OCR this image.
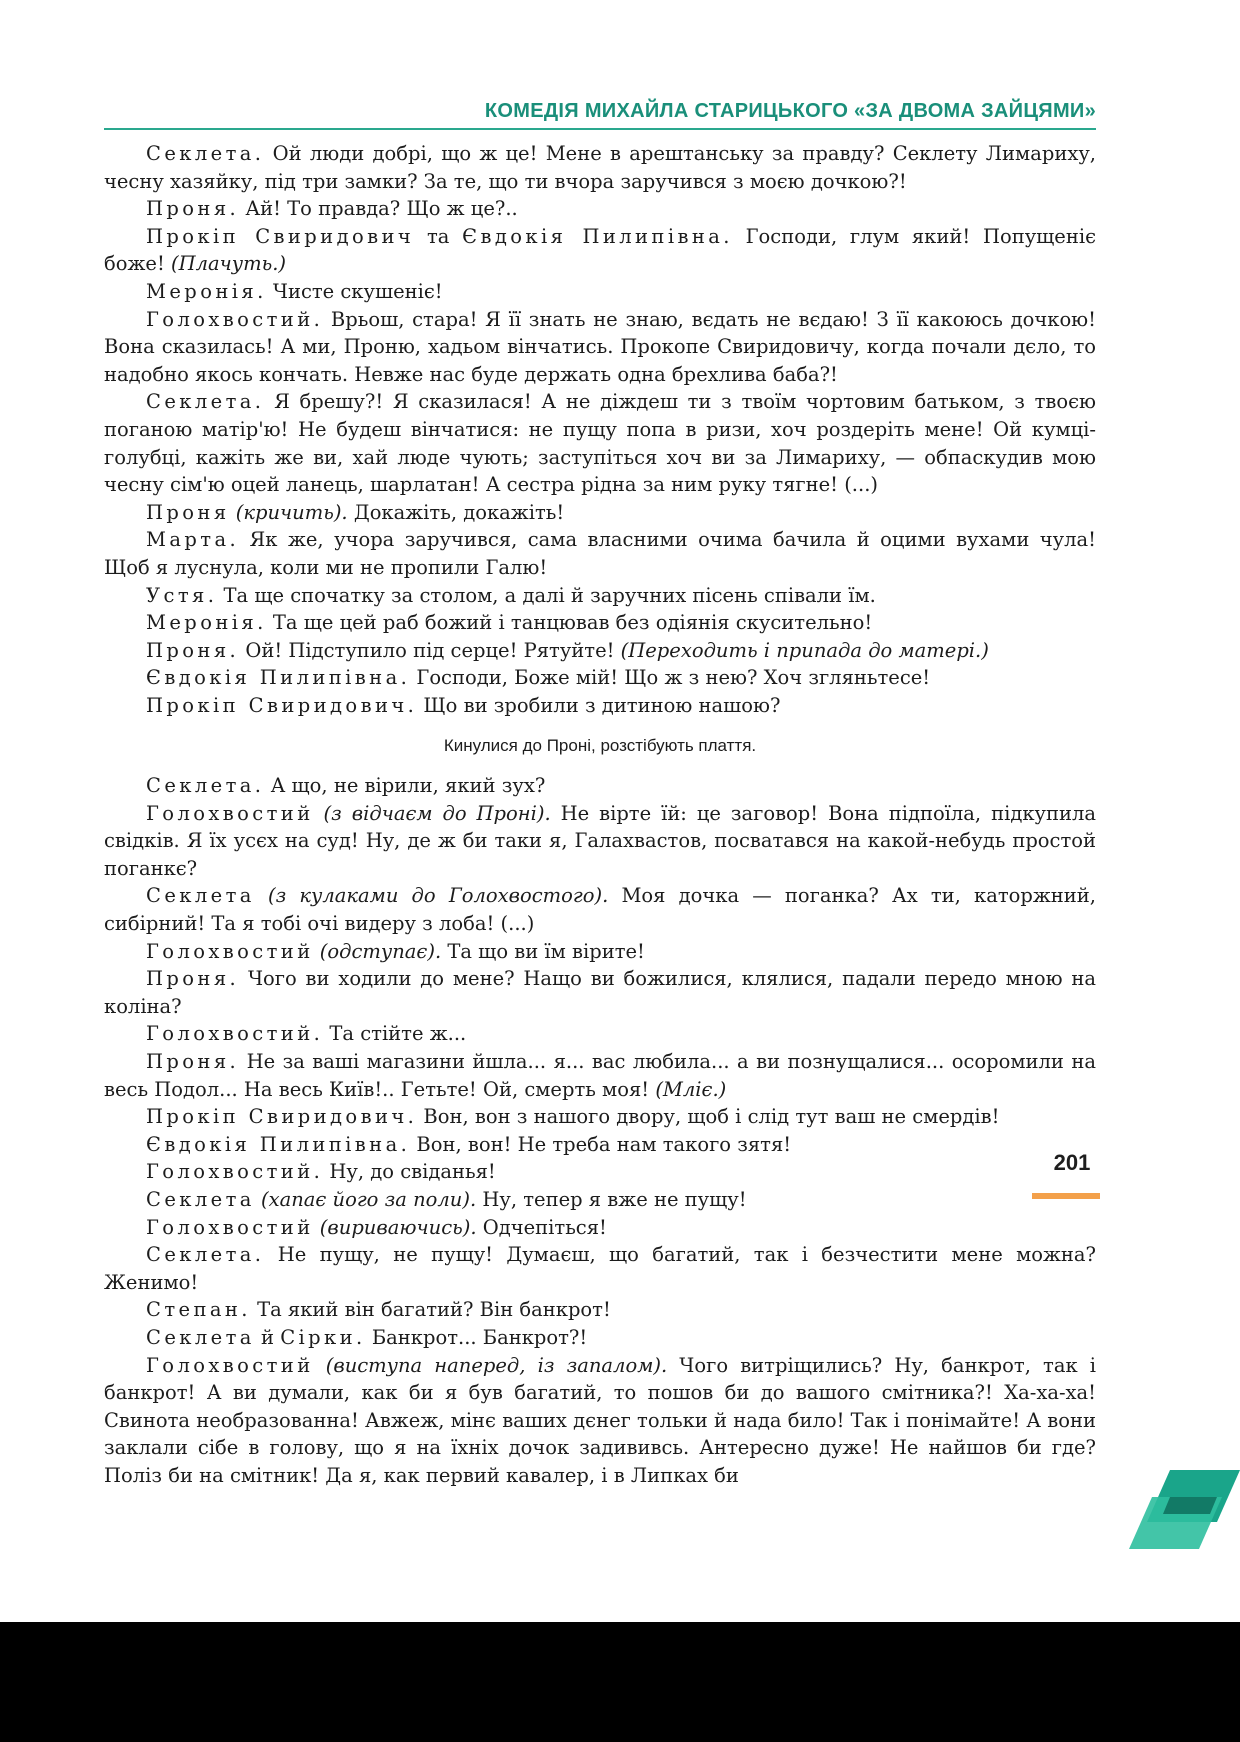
КОМЕДІЯ МИХАЙЛА СТАРИЦЬКОГО «ЗА ДВОМА ЗАЙЦЯМИ»

Секлета. Ой люди добрі, що ж це! Мене в арештанську за правду? Секлету Лимариху, чесну хазяйку, під три замки? За те, що ти вчора заручився з моєю дочкою?!

Проня. Ай! То правда? Що ж це?..

Прокіп Свиридович та Євдокія Пилипівна. Господи, глум який! Попущеніє боже! (Плачуть.)

Меронія. Чисте скушеніє!

Голохвостий. Врьош, стара! Я її знать не знаю, вєдать не вєдаю! З її какоюсь дочкою! Вона сказилась! А ми, Проню, хадьом вінчатись. Прокопе Свиридовичу, когда почали дєло, то надобно якось кончать. Невже нас буде держать одна брехлива баба?!

Секлета. Я брешу?! Я сказилася! А не діждеш ти з твоїм чортовим батьком, з твоєю поганою матір'ю! Не будеш вінчатися: не пущу попа в ризи, хоч роздеріть мене! Ой кумці-голубці, кажіть же ви, хай люде чують; заступіться хоч ви за Лимариху, — обпаскудив мою чесну сім'ю оцей ланець, шарлатан! А сестра рідна за ним руку тягне! (...)

Проня (кричить). Докажіть, докажіть!

Марта. Як же, учора заручився, сама власними очима бачила й оцими вухами чула! Щоб я луснула, коли ми не пропили Галю!

Устя. Та ще спочатку за столом, а далі й заручних пісень співали їм.

Меронія. Та ще цей раб божий і танцював без одіянія скусительно!

Проня. Ой! Підступило під серце! Рятуйте! (Переходить і припада до матері.)

Євдокія Пилипівна. Господи, Боже мій! Що ж з нею? Хоч згляньтесе!

Прокіп Свиридович. Що ви зробили з дитиною нашою?

Кинулися до Проні, розстібують плаття.

Секлета. А що, не вірили, який зух?

Голохвостий (з відчаєм до Проні). Не вірте їй: це заговор! Вона підпоїла, підкупила свідків. Я їх усєх на суд! Ну, де ж би таки я, Галахвастов, посватався на какой-небудь простой поганкє?

Секлета (з кулаками до Голохвостого). Моя дочка — поганка? Ах ти, каторжний, сибірний! Та я тобі очі видеру з лоба! (...)

Голохвостий (одступає). Та що ви їм вірите!

Проня. Чого ви ходили до мене? Нащо ви божилися, клялися, падали передо мною на коліна?

Голохвостий. Та стійте ж...

Проня. Не за ваші магазини йшла... я... вас любила... а ви познущалися... осоромили на весь Подол... На весь Київ!.. Гетьте! Ой, смерть моя! (Мліє.)

Прокіп Свиридович. Вон, вон з нашого двору, щоб і слід тут ваш не смердів!

Євдокія Пилипівна. Вон, вон! Не треба нам такого зятя!

Голохвостий. Ну, до свіданья!

Секлета (хапає його за поли). Ну, тепер я вже не пущу!

Голохвостий (вириваючись). Одчепіться!

Секлета. Не пущу, не пущу! Думаєш, що багатий, так і безчестити мене можна? Женимо!

Степан. Та який він багатий? Він банкрот!

Секлета й Сірки. Банкрот... Банкрот?!

Голохвостий (виступа наперед, із запалом). Чого витріщились? Ну, банкрот, так і банкрот! А ви думали, как би я був багатий, то пошов би до вашого смітника?! Ха-ха-ха! Свинота необразованна! Авжеж, мінє ваших дєнег тольки й нада било! Так і понімайте! А вони заклали сібе в голову, що я на їхніх дочок задививсь. Антересно дуже! Не найшов би где? Поліз би на смітник! Да я, как первий кавалер, і в Липках би

201
